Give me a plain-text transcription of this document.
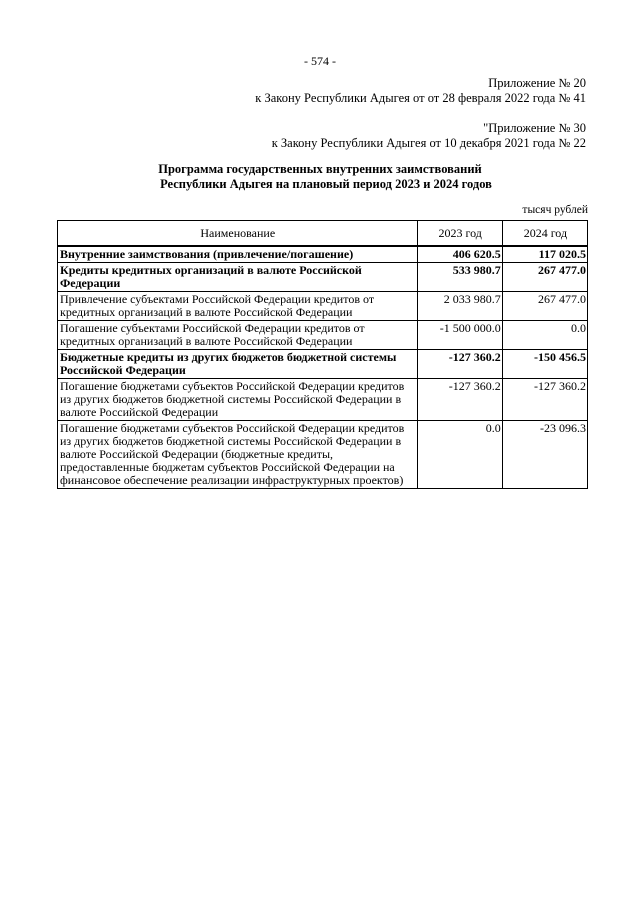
- 574 -
Приложение № 20
к Закону Республики Адыгея от от 28 февраля 2022 года № 41
"Приложение № 30
к Закону Республики Адыгея от 10 декабря 2021 года № 22
Программа государственных внутренних заимствований
Республики Адыгея на плановый период 2023 и 2024 годов
тысяч рублей
Наименование	2023 год	2024 год
Внутренние заимствования (привлечение/погашение)	406 620.5	117 020.5
Кредиты кредитных организаций в валюте Российской Федерации	533 980.7	267 477.0
Привлечение субъектами Российской Федерации кредитов от кредитных организаций в валюте Российской Федерации	2 033 980.7	267 477.0
Погашение субъектами Российской Федерации кредитов от кредитных организаций в валюте Российской Федерации	-1 500 000.0	0.0
Бюджетные кредиты из других бюджетов бюджетной системы Российской Федерации	-127 360.2	-150 456.5
Погашение бюджетами субъектов Российской Федерации кредитов из других бюджетов бюджетной системы Российской Федерации в валюте Российской Федерации	-127 360.2	-127 360.2
Погашение бюджетами субъектов Российской Федерации кредитов из других бюджетов бюджетной системы Российской Федерации в валюте Российской Федерации (бюджетные кредиты, предоставленные бюджетам субъектов Российской Федерации на финансовое обеспечение реализации инфраструктурных проектов)	0.0	-23 096.3
